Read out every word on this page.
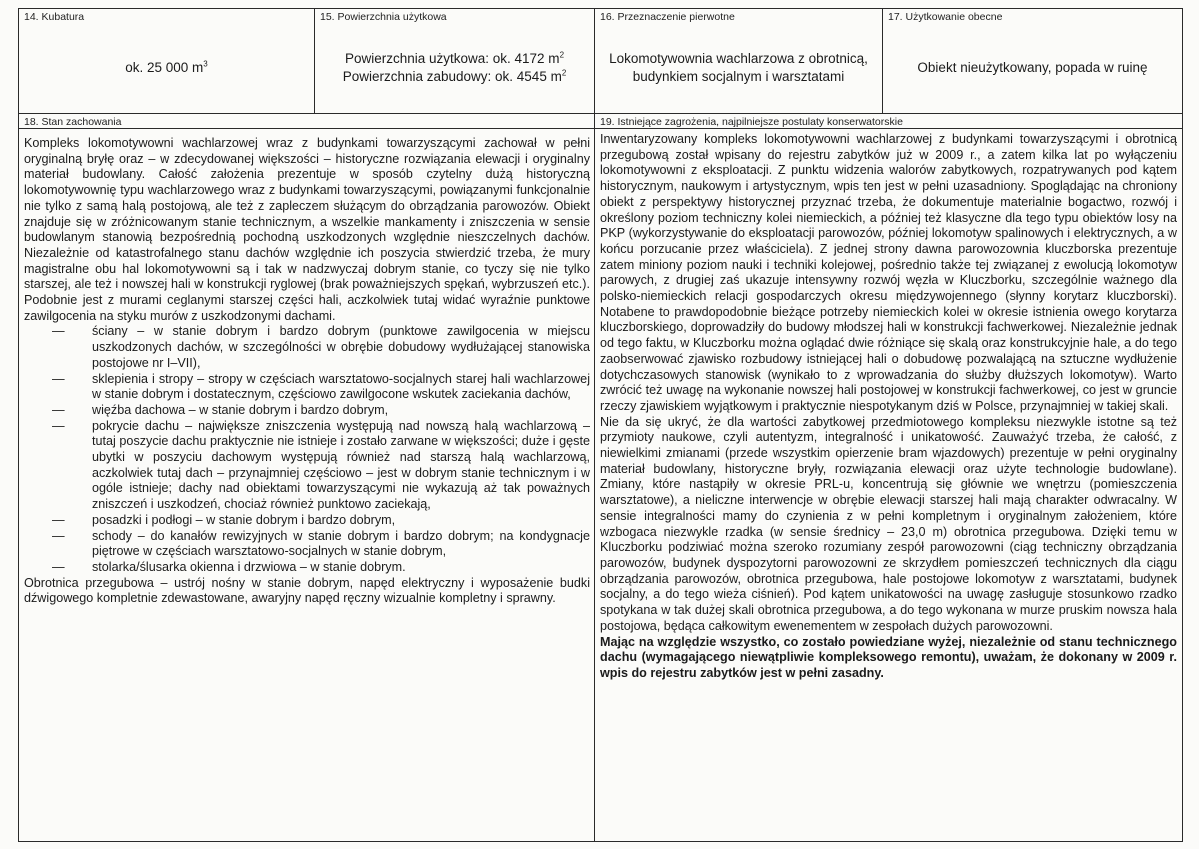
14. Kubatura
ok. 25 000 $m^3$
15. Powierzchnia użytkowa
Powierzchnia użytkowa: ok. 4172 $m^2$
Powierzchnia zabudowy: ok. 4545 $m^2$
16. Przeznaczenie pierwotne
Lokomotywownia wachlarzowa z obrotnicą,
budynkiem socjalnym i warsztatami
17. Użytkowanie obecne
Obiekt nieużytkowany, popada w ruinę
18. Stan zachowania

Kompleks lokomotywowni wachlarzowej wraz z budynkami towarzyszącymi zachował w pełni oryginalną bryłę oraz – w zdecydowanej większości – historyczne rozwiązania elewacji i oryginalny materiał budowlany. Całość założenia prezentuje w sposób czytelny dużą historyczną lokomotywownię typu wachlarzowego wraz z budynkami towarzyszącymi, powiązanymi funkcjonalnie nie tylko z samą halą postojową, ale też z zapleczem służącym do obrządzania parowozów. Obiekt znajduje się w zróżnicowanym stanie technicznym, a wszelkie mankamenty i zniszczenia w sensie budowlanym stanowią bezpośrednią pochodną uszkodzonych względnie nieszczelnych dachów. Niezależnie od katastrofalnego stanu dachów względnie ich poszycia stwierdzić trzeba, że mury magistralne obu hal lokomotywowni są i tak w nadzwyczaj dobrym stanie, co tyczy się nie tylko starszej, ale też i nowszej hali w konstrukcji ryglowej (brak poważniejszych spękań, wybrzuszeń etc.). Podobnie jest z murami ceglanymi starszej części hali, aczkolwiek tutaj widać wyraźnie punktowe zawilgocenia na styku murów z uszkodzonymi dachami.

— ściany – w stanie dobrym i bardzo dobrym (punktowe zawilgocenia w miejscu uszkodzonych dachów, w szczególności w obrębie dobudowy wydłużającej stanowiska postojowe nr I–VII),
— sklepienia i stropy – stropy w częściach warsztatowo-socjalnych starej hali wachlarzowej w stanie dobrym i dostatecznym, częściowo zawilgocone wskutek zaciekania dachów,
— więźba dachowa – w stanie dobrym i bardzo dobrym,
— pokrycie dachu – największe zniszczenia występują nad nowszą halą wachlarzową – tutaj poszycie dachu praktycznie nie istnieje i zostało zarwane w większości; duże i gęste ubytki w poszyciu dachowym występują również nad starszą halą wachlarzową, aczkolwiek tutaj dach – przynajmniej częściowo – jest w dobrym stanie technicznym i w ogóle istnieje; dachy nad obiektami towarzyszącymi nie wykazują aż tak poważnych zniszczeń i uszkodzeń, chociaż również punktowo zaciekają,
— posadzki i podłogi – w stanie dobrym i bardzo dobrym,
— schody – do kanałów rewizyjnych w stanie dobrym i bardzo dobrym; na kondygnacje piętrowe w częściach warsztatowo-socjalnych w stanie dobrym,
— stolarka/ślusarka okienna i drzwiowa – w stanie dobrym.

Obrotnica przegubowa – ustrój nośny w stanie dobrym, napęd elektryczny i wyposażenie budki dźwigowego kompletnie zdewastowane, awaryjny napęd ręczny wizualnie kompletny i sprawny.

19. Istniejące zagrożenia, najpilniejsze postulaty konserwatorskie

Inwentaryzowany kompleks lokomotywowni wachlarzowej z budynkami towarzyszącymi i obrotnicą przegubową został wpisany do rejestru zabytków już w 2009 r., a zatem kilka lat po wyłączeniu lokomotywowni z eksploatacji. Z punktu widzenia walorów zabytkowych, rozpatrywanych pod kątem historycznym, naukowym i artystycznym, wpis ten jest w pełni uzasadniony. Spoglądając na chroniony obiekt z perspektywy historycznej przyznać trzeba, że dokumentuje materialnie bogactwo, rozwój i określony poziom techniczny kolei niemieckich, a później też klasyczne dla tego typu obiektów losy na PKP (wykorzystywanie do eksploatacji parowozów, później lokomotyw spalinowych i elektrycznych, a w końcu porzucanie przez właściciela). Z jednej strony dawna parowozownia kluczborska prezentuje zatem miniony poziom nauki i techniki kolejowej, pośrednio także tej związanej z ewolucją lokomotyw parowych, z drugiej zaś ukazuje intensywny rozwój węzła w Kluczborku, szczególnie ważnego dla polsko-niemieckich relacji gospodarczych okresu międzywojennego (słynny korytarz kluczborski). Notabene to prawdopodobnie bieżące potrzeby niemieckich kolei w okresie istnienia owego korytarza kluczborskiego, doprowadziły do budowy młodszej hali w konstrukcji fachwerkowej. Niezależnie jednak od tego faktu, w Kluczborku można oglądać dwie różniące się skalą oraz konstrukcyjnie hale, a do tego zaobserwować zjawisko rozbudowy istniejącej hali o dobudowę pozwalającą na sztuczne wydłużenie dotychczasowych stanowisk (wynikało to z wprowadzania do służby dłuższych lokomotyw). Warto zwrócić też uwagę na wykonanie nowszej hali postojowej w konstrukcji fachwerkowej, co jest w gruncie rzeczy zjawiskiem wyjątkowym i praktycznie niespotykanym dziś w Polsce, przynajmniej w takiej skali.

Nie da się ukryć, że dla wartości zabytkowej przedmiotowego kompleksu niezwykle istotne są też przymioty naukowe, czyli autentyzm, integralność i unikatowość. Zauważyć trzeba, że całość, z niewielkimi zmianami (przede wszystkim opierzenie bram wjazdowych) prezentuje w pełni oryginalny materiał budowlany, historyczne bryły, rozwiązania elewacji oraz użyte technologie budowlane). Zmiany, które nastąpiły w okresie PRL-u, koncentrują się głównie we wnętrzu (pomieszczenia warsztatowe), a nieliczne interwencje w obrębie elewacji starszej hali mają charakter odwracalny. W sensie integralności mamy do czynienia z w pełni kompletnym i oryginalnym założeniem, które wzbogaca niezwykle rzadka (w sensie średnicy – 23,0 m) obrotnica przegubowa. Dzięki temu w Kluczborku podziwiać można szeroko rozumiany zespół parowozowni (ciąg techniczny obrządzania parowozów, budynek dyspozytorni parowozowni ze skrzydłem pomieszczeń technicznych dla ciągu obrządzania parowozów, obrotnica przegubowa, hale postojowe lokomotyw z warsztatami, budynek socjalny, a do tego wieża ciśnień). Pod kątem unikatowości na uwagę zasługuje stosunkowo rzadko spotykana w tak dużej skali obrotnica przegubowa, a do tego wykonana w murze pruskim nowsza hala postojowa, będąca całkowitym ewenementem w zespołach dużych parowozowni.

Mając na względzie wszystko, co zostało powiedziane wyżej, niezależnie od stanu technicznego dachu (wymagającego niewątpliwie kompleksowego remontu), uważam, że dokonany w 2009 r. wpis do rejestru zabytków jest w pełni zasadny.
